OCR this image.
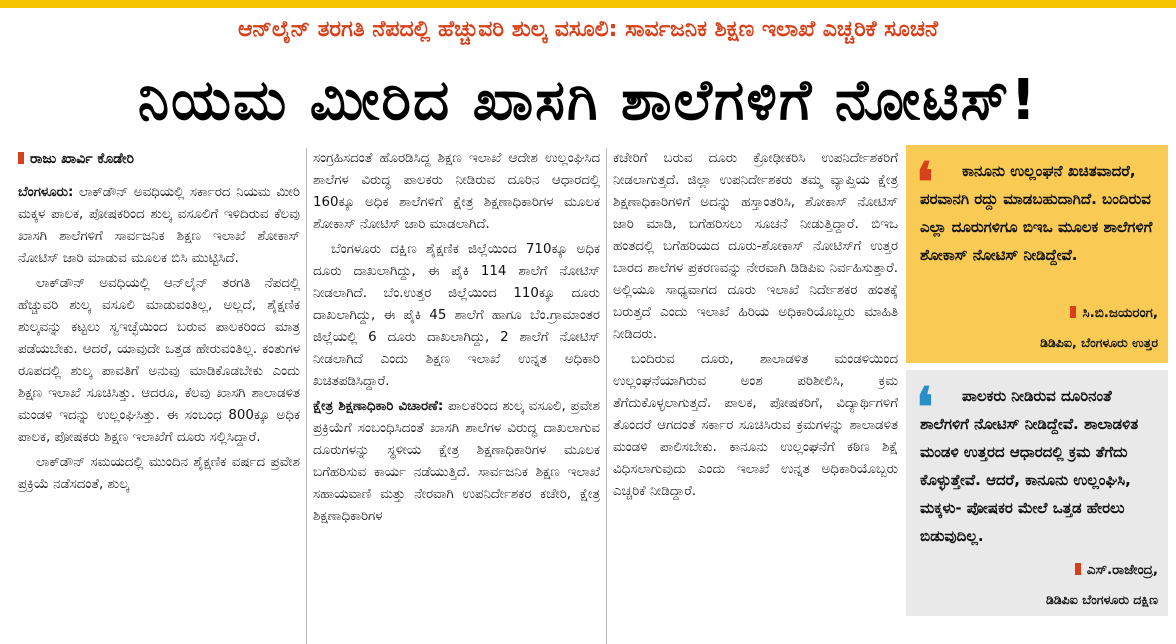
ಆನ್‌ಲೈನ್ ತರಗತಿ ನೆಪದಲ್ಲಿ ಹೆಚ್ಚುವರಿ ಶುಲ್ಕ ವಸೂಲಿ: ಸಾರ್ವಜನಿಕ ಶಿಕ್ಷಣ ಇಲಾಖೆ ಎಚ್ಚರಿಕೆ ಸೂಚನೆ
ನಿಯಮ ಮೀರಿದ ಖಾಸಗಿ ಶಾಲೆಗಳಿಗೆ ನೋಟಿಸ್!
ರಾಜು ಖಾರ್ವಿ ಕೊಡೇರಿ

ಬೆಂಗಳೂರು: ಲಾಕ್‌ಡೌನ್ ಅವಧಿಯಲ್ಲಿ ಸರ್ಕಾರದ ನಿಯಮ ಮೀರಿ ಮಕ್ಕಳ ಪಾಲಕ, ಪೋಷಕರಿಂದ ಶುಲ್ಕ ವಸೂಲಿಗೆ ಇಳಿದಿರುವ ಕೆಲವು ಖಾಸಗಿ ಶಾಲೆಗಳಿಗೆ ಸಾರ್ವಜನಿಕ ಶಿಕ್ಷಣ ಇಲಾಖೆ ಶೋಕಾಸ್ ನೋಟಿಸ್ ಜಾರಿ ಮಾಡುವ ಮೂಲಕ ಬಿಸಿ ಮುಟ್ಟಿಸಿದೆ.

ಲಾಕ್‌ಡೌನ್ ಅವಧಿಯಲ್ಲಿ ಆನ್‌ಲೈನ್ ತರಗತಿ ನೆಪದಲ್ಲಿ ಹೆಚ್ಚುವರಿ ಶುಲ್ಕ ವಸೂಲಿ ಮಾಡುವಂತಿಲ್ಲ, ಅಲ್ಲದೆ, ಶೈಕ್ಷಣಿಕ ಶುಲ್ಕವನ್ನು ಕಟ್ಟಲು ಸ್ವಇಚ್ಛೆಯಿಂದ ಬರುವ ಪಾಲಕರಿಂದ ಮಾತ್ರ ಪಡೆಯಬೇಕು. ಆದರೆ, ಯಾವುದೇ ಒತ್ತಡ ಹೇರುವಂತಿಲ್ಲ. ಕಂತುಗಳ ರೂಪದಲ್ಲಿ ಶುಲ್ಕ ಪಾವತಿಗೆ ಅನುವು ಮಾಡಿಕೊಡಬೇಕು ಎಂದು ಶಿಕ್ಷಣ ಇಲಾಖೆ ಸೂಚಿಸಿತ್ತು. ಆದರೂ, ಕೆಲವು ಖಾಸಗಿ ಶಾಲಾಡಳಿತ ಮಂಡಳಿ ಇದನ್ನು ಉಲ್ಲಂಘಿಸಿತ್ತು. ಈ ಸಂಬಂಧ 800ಕ್ಕೂ ಅಧಿಕ ಪಾಲಕ, ಪೋಷಕರು ಶಿಕ್ಷಣ ಇಲಾಖೆಗೆ ದೂರು ಸಲ್ಲಿಸಿದ್ದಾರೆ.

ಲಾಕ್‌ಡೌನ್ ಸಮಯದಲ್ಲಿ ಮುಂದಿನ ಶೈಕ್ಷಣಿಕ ವರ್ಷದ ಪ್ರವೇಶ ಪ್ರಕ್ರಿಯೆ ನಡೆಸದಂತೆ, ಶುಲ್ಕ

ಸಂಗ್ರಹಿಸದಂತೆ ಹೊರಡಿಸಿದ್ದ ಶಿಕ್ಷಣ ಇಲಾಖೆ ಆದೇಶ ಉಲ್ಲಂಘಿಸಿದ ಶಾಲೆಗಳ ವಿರುದ್ಧ ಪಾಲಕರು ನೀಡಿರುವ ದೂರಿನ ಆಧಾರದಲ್ಲಿ 160ಕ್ಕೂ ಅಧಿಕ ಶಾಲೆಗಳಿಗೆ ಕ್ಷೇತ್ರ ಶಿಕ್ಷಣಾಧಿಕಾರಿಗಳ ಮೂಲಕ ಶೋಕಾಸ್ ನೋಟಿಸ್ ಜಾರಿ ಮಾಡಲಾಗಿದೆ.

ಬೆಂಗಳೂರು ದಕ್ಷಿಣ ಶೈಕ್ಷಣಿಕ ಜಿಲ್ಲೆಯಿಂದ 710ಕ್ಕೂ ಅಧಿಕ ದೂರು ದಾಖಲಾಗಿದ್ದು, ಈ ಪೈಕಿ 114 ಶಾಲೆಗೆ ನೋಟಿಸ್ ನೀಡಲಾಗಿದೆ. ಬೆಂ.ಉತ್ತರ ಜಿಲ್ಲೆಯಿಂದ 110ಕ್ಕೂ ದೂರು ದಾಖಲಾಗಿದ್ದು, ಈ ಪೈಕಿ 45 ಶಾಲೆಗೆ ಹಾಗೂ ಬೆಂ.ಗ್ರಾಮಾಂತರ ಜಿಲ್ಲೆಯಲ್ಲಿ 6 ದೂರು ದಾಖಲಾಗಿದ್ದು, 2 ಶಾಲೆಗೆ ನೋಟಿಸ್ ನೀಡಲಾಗಿದೆ ಎಂದು ಶಿಕ್ಷಣ ಇಲಾಖೆ ಉನ್ನತ ಅಧಿಕಾರಿ ಖಚಿತಪಡಿಸಿದ್ದಾರೆ.

ಕ್ಷೇತ್ರ ಶಿಕ್ಷಣಾಧಿಕಾರಿ ವಿಚಾರಣೆ: ಪಾಲಕರಿಂದ ಶುಲ್ಕ ವಸೂಲಿ, ಪ್ರವೇಶ ಪ್ರಕ್ರಿಯೆಗೆ ಸಂಬಂಧಿಸಿದಂತೆ ಖಾಸಗಿ ಶಾಲೆಗಳ ವಿರುದ್ಧ ದಾಖಲಾಗುವ ದೂರುಗಳನ್ನು ಸ್ಥಳೀಯ ಕ್ಷೇತ್ರ ಶಿಕ್ಷಣಾಧಿಕಾರಿಗಳ ಮೂಲಕ ಬಗೆಹರಿಸುವ ಕಾರ್ಯ ನಡೆಯುತ್ತಿದೆ. ಸಾರ್ವಜನಿಕ ಶಿಕ್ಷಣ ಇಲಾಖೆ ಸಹಾಯವಾಣಿ ಮತ್ತು ನೇರವಾಗಿ ಉಪನಿರ್ದೇಶಕರ ಕಚೇರಿ, ಕ್ಷೇತ್ರ ಶಿಕ್ಷಣಾಧಿಕಾರಿಗಳ

ಕಚೇರಿಗೆ ಬರುವ ದೂರು ಕ್ರೋಢೀಕರಿಸಿ ಉಪನಿರ್ದೇಶಕರಿಗೆ ನೀಡಲಾಗುತ್ತದೆ. ಜಿಲ್ಲಾ ಉಪನಿರ್ದೇಶಕರು ತಮ್ಮ ವ್ಯಾಪ್ತಿಯ ಕ್ಷೇತ್ರ ಶಿಕ್ಷಣಾಧಿಕಾರಿಗಳಿಗೆ ಅದನ್ನು ಹಸ್ತಾಂತರಿಸಿ, ಶೋಕಾಸ್ ನೋಟಿಸ್ ಜಾರಿ ಮಾಡಿ, ಬಗೆಹರಿಸಲು ಸೂಚನೆ ನೀಡುತ್ತಿದ್ದಾರೆ. ಬಿಇಒ ಹಂತದಲ್ಲಿ ಬಗೆಹರಿಯದ ದೂರು-ಶೋಕಾಸ್ ನೋಟಿಸ್‌ಗೆ ಉತ್ತರ ಬಾರದ ಶಾಲೆಗಳ ಪ್ರಕರಣವನ್ನು ನೇರವಾಗಿ ಡಿಡಿಪಿಐ ನಿರ್ವಹಿಸುತ್ತಾರೆ. ಅಲ್ಲಿಯೂ ಸಾಧ್ಯವಾಗದ ದೂರು ಇಲಾಖೆ ನಿರ್ದೇಶಕರ ಹಂತಕ್ಕೆ ಬರುತ್ತದೆ ಎಂದು ಇಲಾಖೆ ಹಿರಿಯ ಅಧಿಕಾರಿಯೊಬ್ಬರು ಮಾಹಿತಿ ನೀಡಿದರು.

ಬಂದಿರುವ ದೂರು, ಶಾಲಾಡಳಿತ ಮಂಡಳಿಯಿಂದ ಉಲ್ಲಂಘನೆಯಾಗಿರುವ ಅಂಶ ಪರಿಶೀಲಿಸಿ, ಕ್ರಮ ತೆಗೆದುಕೊಳ್ಳಲಾಗುತ್ತದೆ. ಪಾಲಕ, ಪೋಷಕರಿಗೆ, ವಿದ್ಯಾರ್ಥಿಗಳಿಗೆ ತೊಂದರೆ ಆಗದಂತೆ ಸರ್ಕಾರ ಸೂಚಿಸಿರುವ ಕ್ರಮಗಳನ್ನು ಶಾಲಾಡಳಿತ ಮಂಡಳಿ ಪಾಲಿಸಬೇಕು. ಕಾನೂನು ಉಲ್ಲಂಘನೆಗೆ ಕಠಿಣ ಶಿಕ್ಷೆ ವಿಧಿಸಲಾಗುವುದು ಎಂದು ಇಲಾಖೆ ಉನ್ನತ ಅಧಿಕಾರಿಯೊಬ್ಬರು ಎಚ್ಚರಿಕೆ ನೀಡಿದ್ದಾರೆ.

❛	ಕಾನೂನು ಉಲ್ಲಂಘನೆ ಖಚಿತವಾದರೆ, ಪರವಾನಗಿ ರದ್ದು ಮಾಡಬಹುದಾಗಿದೆ. ಬಂದಿರುವ ಎಲ್ಲಾ ದೂರುಗಳಿಗೂ ಬಿಇಒ ಮೂಲಕ ಶಾಲೆಗಳಿಗೆ ಶೋಕಾಸ್ ನೋಟಿಸ್ ನೀಡಿದ್ದೇವೆ.
ಸಿ.ಬಿ.ಜಯರಂಗ,
ಡಿಡಿಪಿಐ, ಬೆಂಗಳೂರು ಉತ್ತರ
❛	ಪಾಲಕರು ನೀಡಿರುವ ದೂರಿನಂತೆ ಶಾಲೆಗಳಿಗೆ ನೋಟಿಸ್ ನೀಡಿದ್ದೇವೆ. ಶಾಲಾಡಳಿತ ಮಂಡಳಿ ಉತ್ತರದ ಆಧಾರದಲ್ಲಿ ಕ್ರಮ ತೆಗೆದು ಕೊಳ್ಳುತ್ತೇವೆ. ಆದರೆ, ಕಾನೂನು ಉಲ್ಲಂಘಿಸಿ, ಮಕ್ಕಳು- ಪೋಷಕರ ಮೇಲೆ ಒತ್ತಡ ಹೇರಲು ಬಿಡುವುದಿಲ್ಲ.
ಎಸ್.ರಾಜೇಂದ್ರ,
ಡಿಡಿಪಿಐ ಬೆಂಗಳೂರು ದಕ್ಷಿಣ
